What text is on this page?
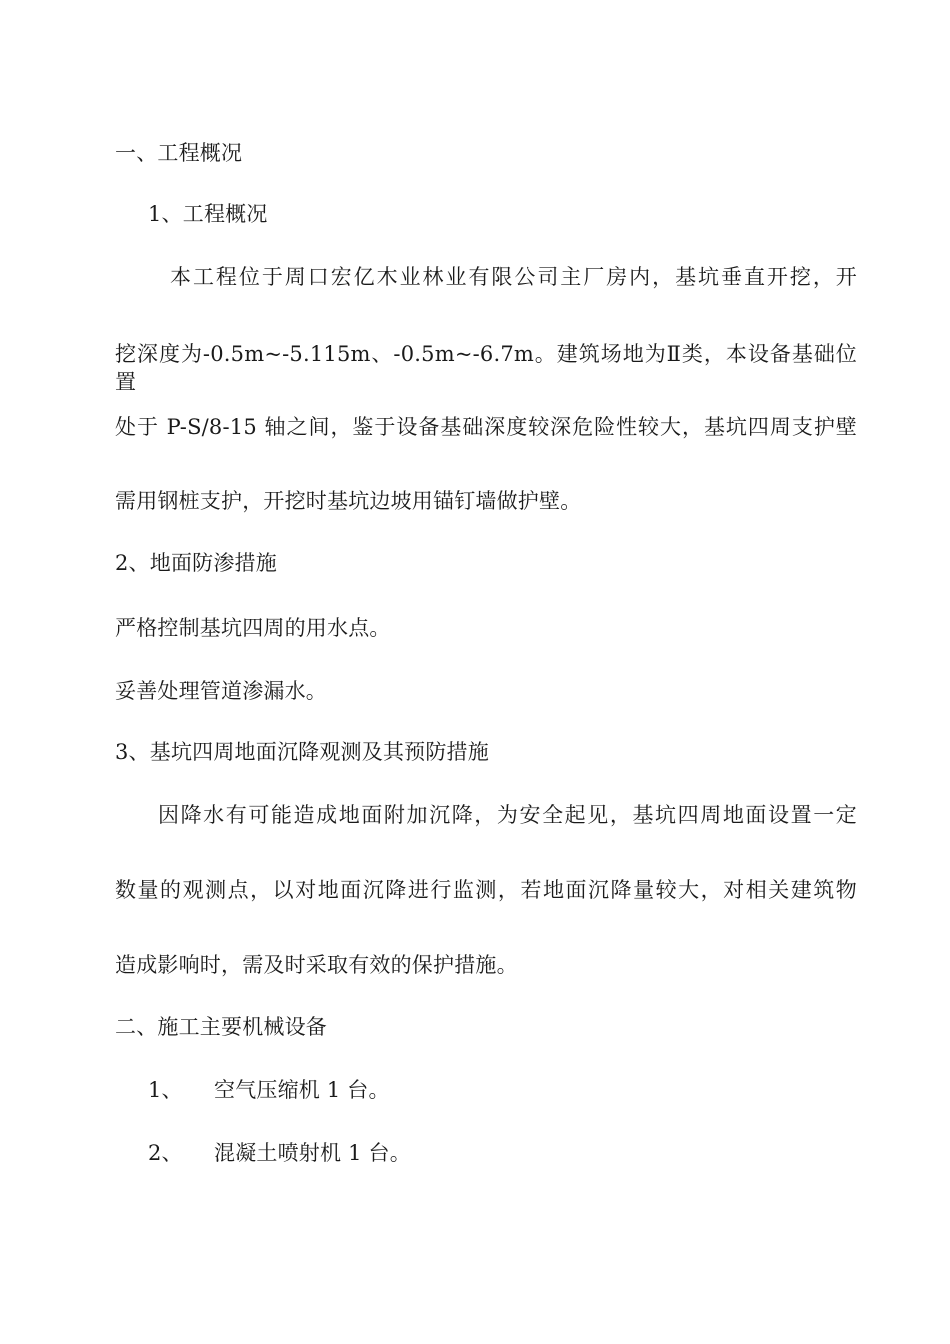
一、工程概况
1、工程概况
本工程位于周口宏亿木业林业有限公司主厂房内，基坑垂直开挖，开
挖深度为-0.5m~-5.115m、-0.5m~-6.7m。建筑场地为Ⅱ类，本设备基础位置
处于 P-S/8-15 轴之间，鉴于设备基础深度较深危险性较大，基坑四周支护壁
需用钢桩支护，开挖时基坑边坡用锚钉墙做护壁。
2、地面防渗措施
严格控制基坑四周的用水点。
妥善处理管道渗漏水。
3、基坑四周地面沉降观测及其预防措施
因降水有可能造成地面附加沉降，为安全起见，基坑四周地面设置一定
数量的观测点，以对地面沉降进行监测，若地面沉降量较大，对相关建筑物
造成影响时，需及时采取有效的保护措施。
二、施工主要机械设备
1、 空气压缩机 1 台。
2、 混凝土喷射机 1 台。
